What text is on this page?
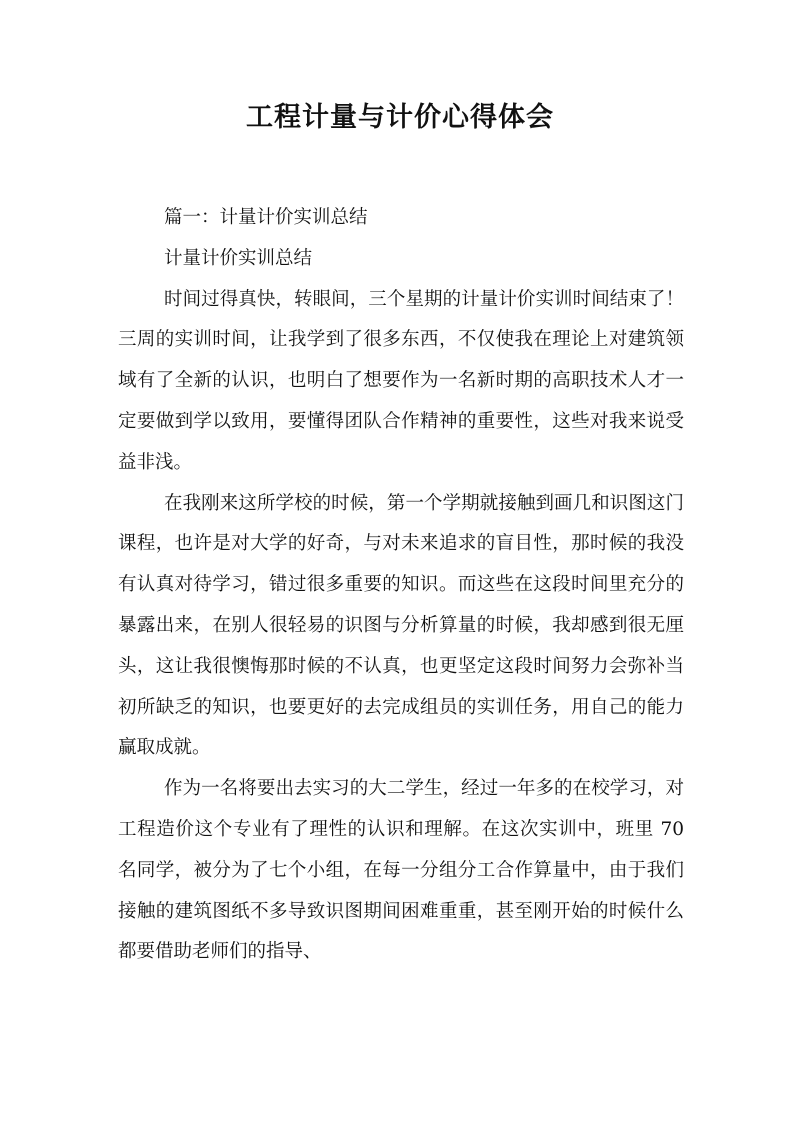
工程计量与计价心得体会

篇一：计量计价实训总结

计量计价实训总结

时间过得真快，转眼间，三个星期的计量计价实训时间结束了！三周的实训时间，让我学到了很多东西，不仅使我在理论上对建筑领域有了全新的认识，也明白了想要作为一名新时期的高职技术人才一定要做到学以致用，要懂得团队合作精神的重要性，这些对我来说受益非浅。

在我刚来这所学校的时候，第一个学期就接触到画几和识图这门课程，也许是对大学的好奇，与对未来追求的盲目性，那时候的我没有认真对待学习，错过很多重要的知识。而这些在这段时间里充分的暴露出来，在别人很轻易的识图与分析算量的时候，我却感到很无厘头，这让我很懊悔那时候的不认真，也更坚定这段时间努力会弥补当初所缺乏的知识，也要更好的去完成组员的实训任务，用自己的能力赢取成就。

作为一名将要出去实习的大二学生，经过一年多的在校学习，对工程造价这个专业有了理性的认识和理解。在这次实训中，班里 70 名同学，被分为了七个小组，在每一分组分工合作算量中，由于我们接触的建筑图纸不多导致识图期间困难重重，甚至刚开始的时候什么都要借助老师们的指导、
